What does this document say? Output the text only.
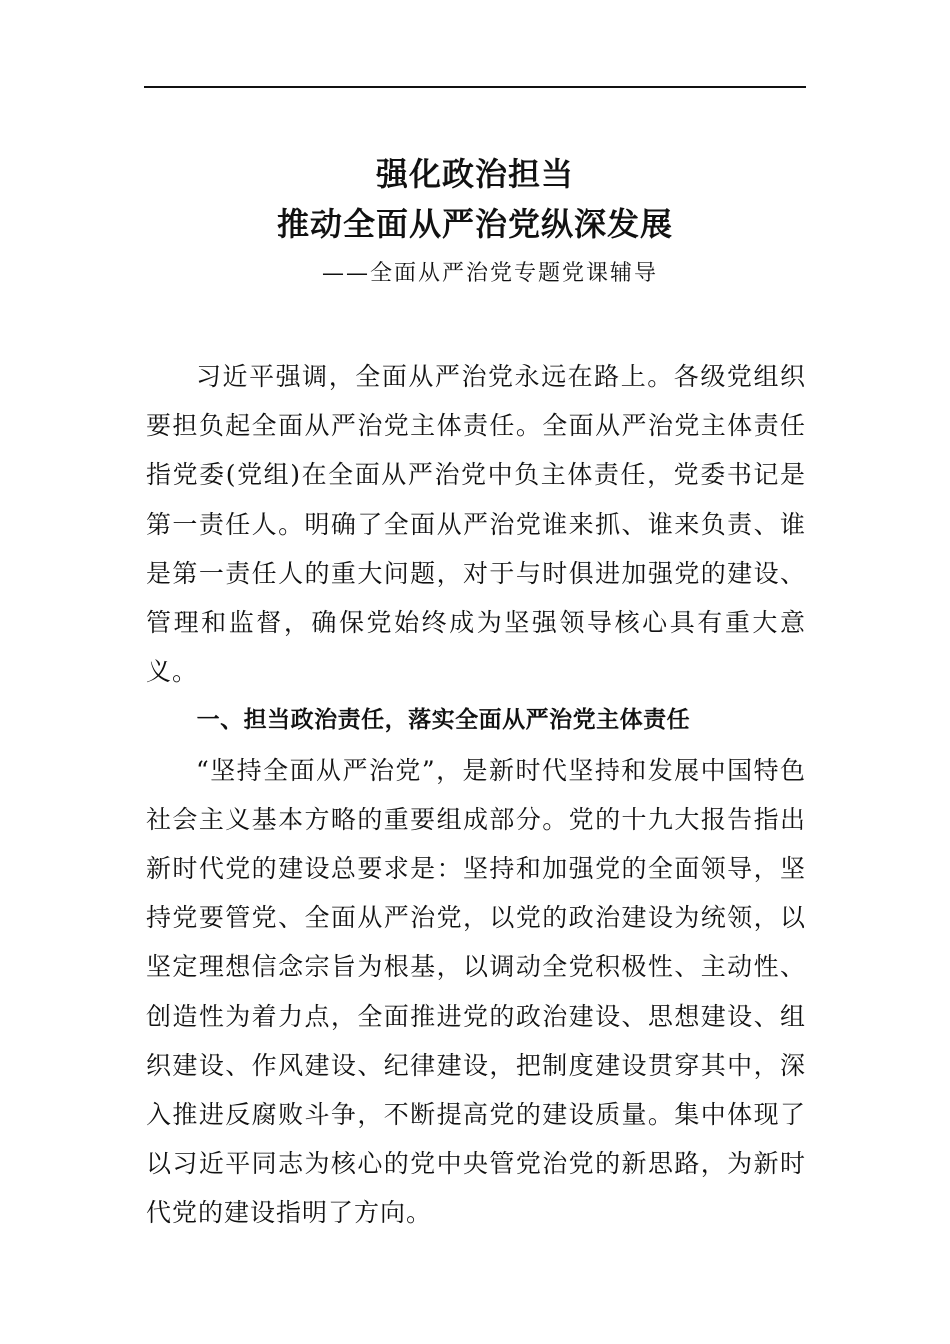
强化政治担当
推动全面从严治党纵深发展
——全面从严治党专题党课辅导

习近平强调，全面从严治党永远在路上。各级党组织要担负起全面从严治党主体责任。全面从严治党主体责任指党委(党组)在全面从严治党中负主体责任，党委书记是第一责任人。明确了全面从严治党谁来抓、谁来负责、谁是第一责任人的重大问题，对于与时俱进加强党的建设、管理和监督，确保党始终成为坚强领导核心具有重大意义。

一、担当政治责任，落实全面从严治党主体责任

“坚持全面从严治党”，是新时代坚持和发展中国特色社会主义基本方略的重要组成部分。党的十九大报告指出新时代党的建设总要求是：坚持和加强党的全面领导，坚持党要管党、全面从严治党，以党的政治建设为统领，以坚定理想信念宗旨为根基，以调动全党积极性、主动性、创造性为着力点，全面推进党的政治建设、思想建设、组织建设、作风建设、纪律建设，把制度建设贯穿其中，深入推进反腐败斗争，不断提高党的建设质量。集中体现了以习近平同志为核心的党中央管党治党的新思路，为新时代党的建设指明了方向。
